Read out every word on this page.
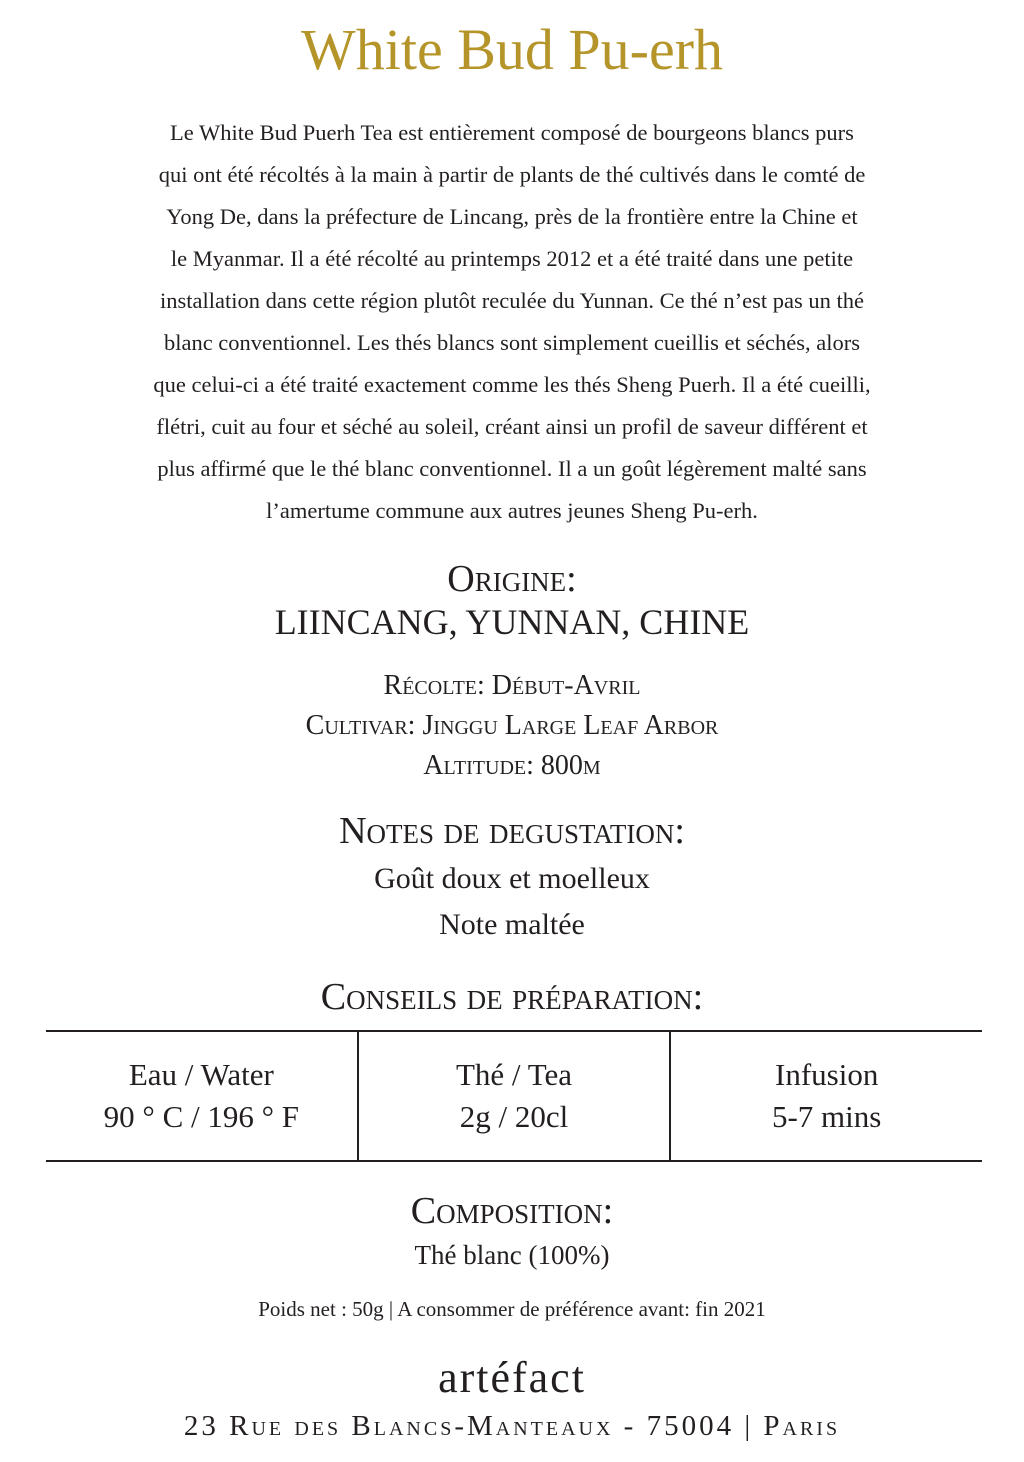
White Bud Pu-erh
Le White Bud Puerh Tea est entièrement composé de bourgeons blancs purs
qui ont été récoltés à la main à partir de plants de thé cultivés dans le comté de
Yong De, dans la préfecture de Lincang, près de la frontière entre la Chine et
le Myanmar. Il a été récolté au printemps 2012 et a été traité dans une petite
installation dans cette région plutôt reculée du Yunnan. Ce thé n’est pas un thé
blanc conventionnel. Les thés blancs sont simplement cueillis et séchés, alors
que celui-ci a été traité exactement comme les thés Sheng Puerh. Il a été cueilli,
flétri, cuit au four et séché au soleil, créant ainsi un profil de saveur différent et
plus affirmé que le thé blanc conventionnel. Il a un goût légèrement malté sans
l’amertume commune aux autres jeunes Sheng Pu-erh.
Origine:
LIINCANG, YUNNAN, CHINE
Récolte: Début-Avril
Cultivar: Jinggu Large Leaf Arbor
Altitude: 800m
Notes de degustation:
Goût doux et moelleux
Note maltée
Conseils de préparation:
Eau / Water
90 ° C / 196 ° F
Thé / Tea
2g / 20cl
Infusion
5-7 mins
Composition:
Thé blanc (100%)
Poids net : 50g | A consommer de préférence avant: fin 2021
artéfact
23 Rue des Blancs-Manteaux - 75004 | Paris
